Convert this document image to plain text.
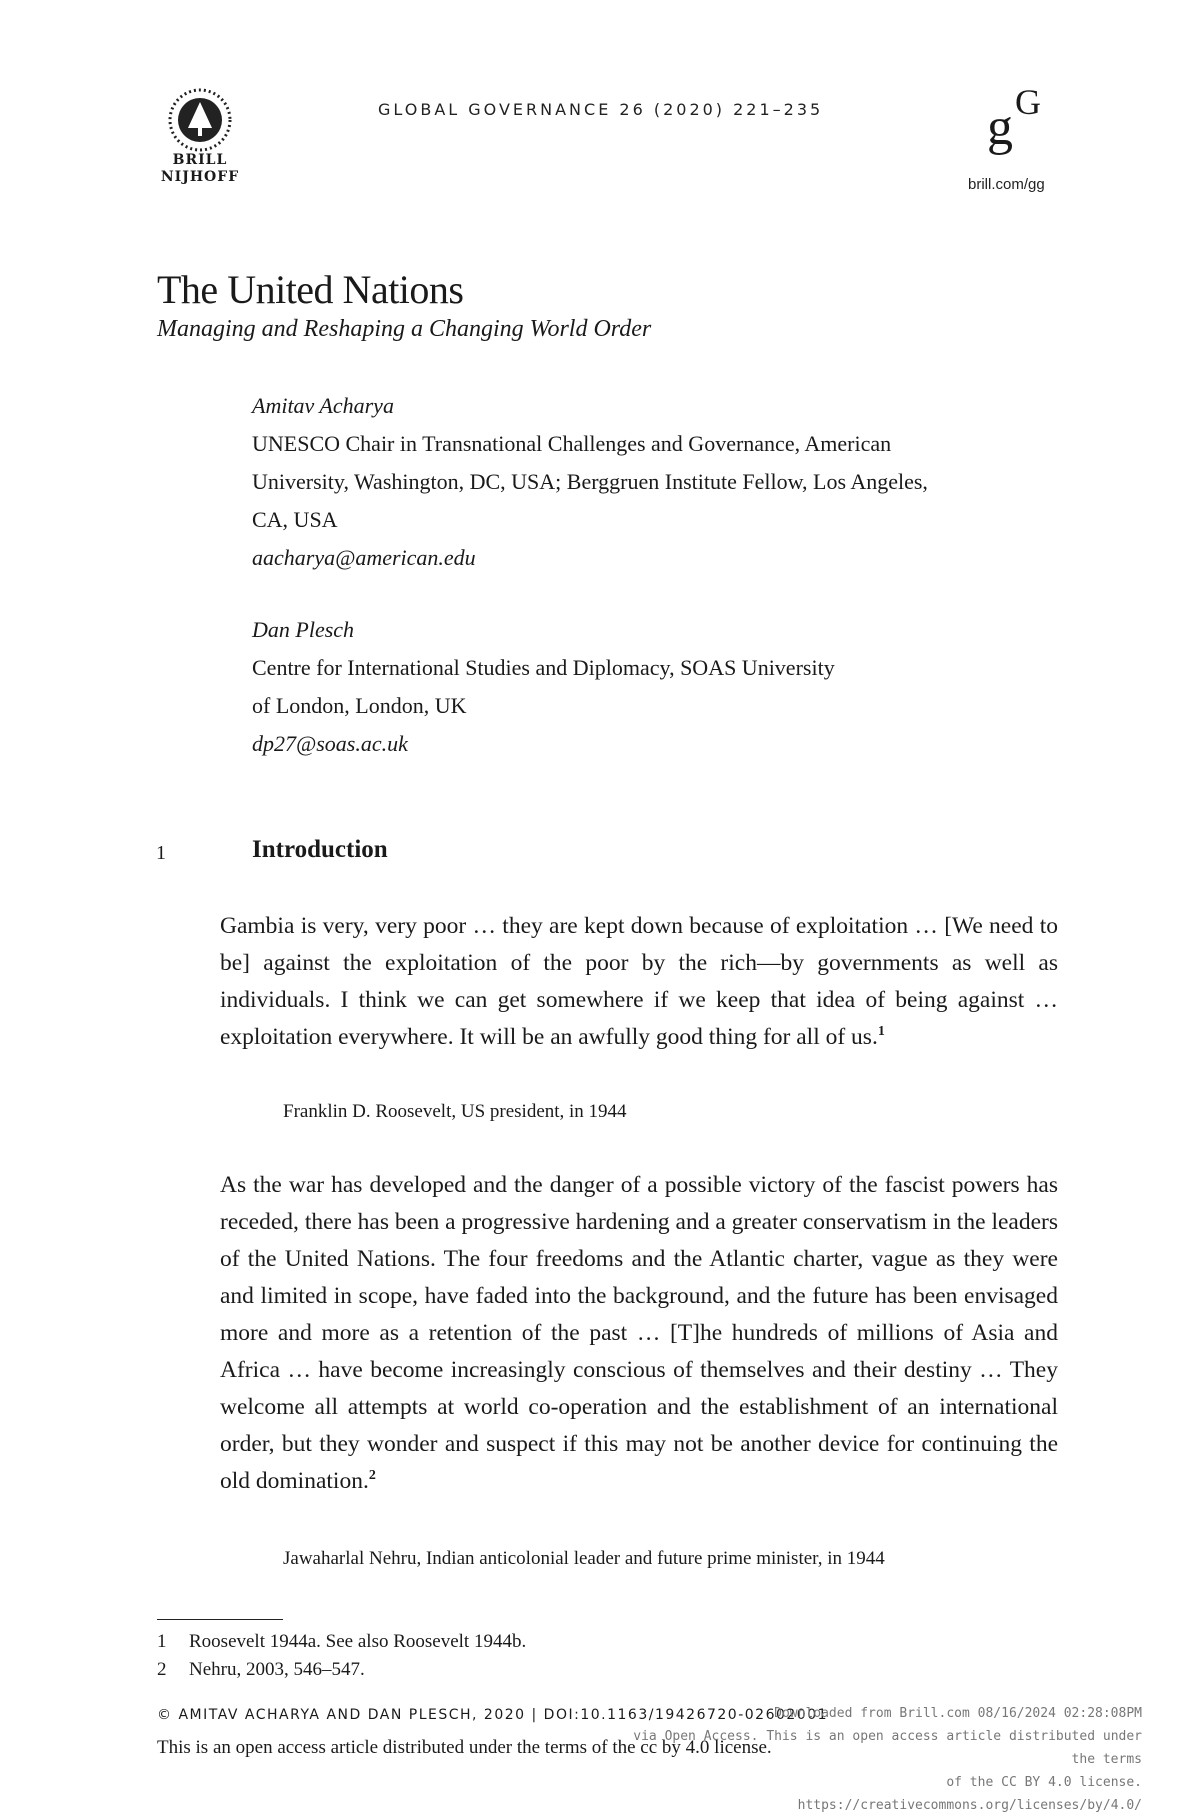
BRILL
NIJHOFF
GLOBAL GOVERNANCE 26 (2020) 221–235	G
g
brill.com/gg
The United Nations
Managing and Reshaping a Changing World Order
Amitav Acharya
UNESCO Chair in Transnational Challenges and Governance, American
University, Washington, DC, USA; Berggruen Institute Fellow, Los Angeles,
CA, USA
aacharya@american.edu
Dan Plesch
Centre for International Studies and Diplomacy, SOAS University
of London, London, UK
dp27@soas.ac.uk
1	Introduction
Gambia is very, very poor … they are kept down because of exploitation … [We need to be] against the exploitation of the poor by the rich—by governments as well as individuals. I think we can get somewhere if we keep that idea of being against … exploitation everywhere. It will be an awfully good thing for all of us.$^1$
Franklin D. Roosevelt, US president, in 1944
As the war has developed and the danger of a possible victory of the fascist powers has receded, there has been a progressive hardening and a greater conservatism in the leaders of the United Nations. The four freedoms and the Atlantic charter, vague as they were and limited in scope, have faded into the background, and the future has been envisaged more and more as a retention of the past … [T]he hundreds of millions of Asia and Africa … have become increasingly conscious of themselves and their destiny … They welcome all attempts at world co-operation and the establishment of an international order, but they wonder and suspect if this may not be another device for continuing the old domination.$^2$
Jawaharlal Nehru, Indian anticolonial leader and future prime minister, in 1944
1 Roosevelt 1944a. See also Roosevelt 1944b.
2 Nehru, 2003, 546–547.
© AMITAV ACHARYA AND DAN PLESCH, 2020 | DOI:10.1163/19426720-02602001
This is an open access article distributed under the terms of the cc by 4.0 license.
Downloaded from Brill.com 08/16/2024 02:28:08PM
via Open Access. This is an open access article distributed under the terms
of the CC BY 4.0 license.
https://creativecommons.org/licenses/by/4.0/
